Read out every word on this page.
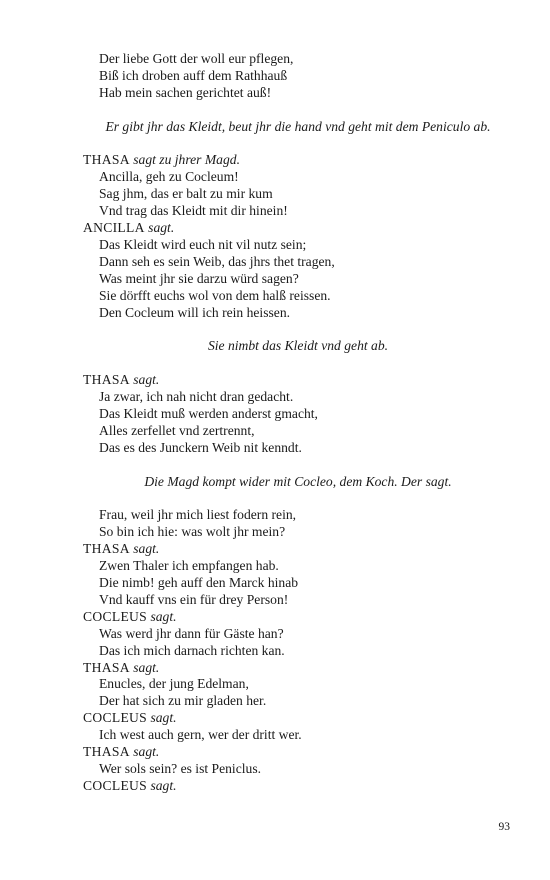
Der liebe Gott der woll eur pflegen,
Biß ich droben auff dem Rathhauß
Hab mein sachen gerichtet auß!
Er gibt jhr das Kleidt, beut jhr die hand vnd geht mit dem Peniculo ab.
THASA sagt zu jhrer Magd.
Ancilla, geh zu Cocleum!
Sag jhm, das er balt zu mir kum
Vnd trag das Kleidt mit dir hinein!
ANCILLA sagt.
Das Kleidt wird euch nit vil nutz sein;
Dann seh es sein Weib, das jhrs thet tragen,
Was meint jhr sie darzu würd sagen?
Sie dörfft euchs wol von dem halß reissen.
Den Cocleum will ich rein heissen.
Sie nimbt das Kleidt vnd geht ab.
THASA sagt.
Ja zwar, ich nah nicht dran gedacht.
Das Kleidt muß werden anderst gmacht,
Alles zerfellet vnd zertrennt,
Das es des Junckern Weib nit kenndt.
Die Magd kompt wider mit Cocleo, dem Koch. Der sagt.
Frau, weil jhr mich liest fodern rein,
So bin ich hie: was wolt jhr mein?
THASA sagt.
Zwen Thaler ich empfangen hab.
Die nimb! geh auff den Marck hinab
Vnd kauff vns ein für drey Person!
COCLEUS sagt.
Was werd jhr dann für Gäste han?
Das ich mich darnach richten kan.
THASA sagt.
Enucles, der jung Edelman,
Der hat sich zu mir gladen her.
COCLEUS sagt.
Ich west auch gern, wer der dritt wer.
THASA sagt.
Wer sols sein? es ist Peniclus.
COCLEUS sagt.
93
